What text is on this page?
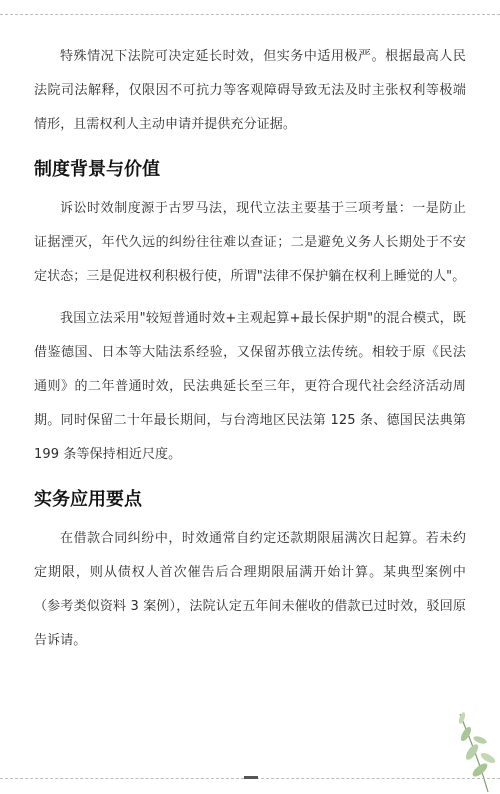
特殊情况下法院可决定延长时效，但实务中适用极严。根据最高人民法院司法解释，仅限因不可抗力等客观障碍导致无法及时主张权利等极端情形，且需权利人主动申请并提供充分证据。

制度背景与价值

诉讼时效制度源于古罗马法，现代立法主要基于三项考量：一是防止证据湮灭，年代久远的纠纷往往难以查证；二是避免义务人长期处于不安定状态；三是促进权利积极行使，所谓"法律不保护躺在权利上睡觉的人"。

我国立法采用"较短普通时效+主观起算+最长保护期"的混合模式，既借鉴德国、日本等大陆法系经验，又保留苏俄立法传统。相较于原《民法通则》的二年普通时效，民法典延长至三年，更符合现代社会经济活动周期。同时保留二十年最长期间，与台湾地区民法第 125 条、德国民法典第 199 条等保持相近尺度。

实务应用要点

在借款合同纠纷中，时效通常自约定还款期限届满次日起算。若未约定期限，则从债权人首次催告后合理期限届满开始计算。某典型案例中（参考类似资料 3 案例），法院认定五年间未催收的借款已过时效，驳回原告诉请。
